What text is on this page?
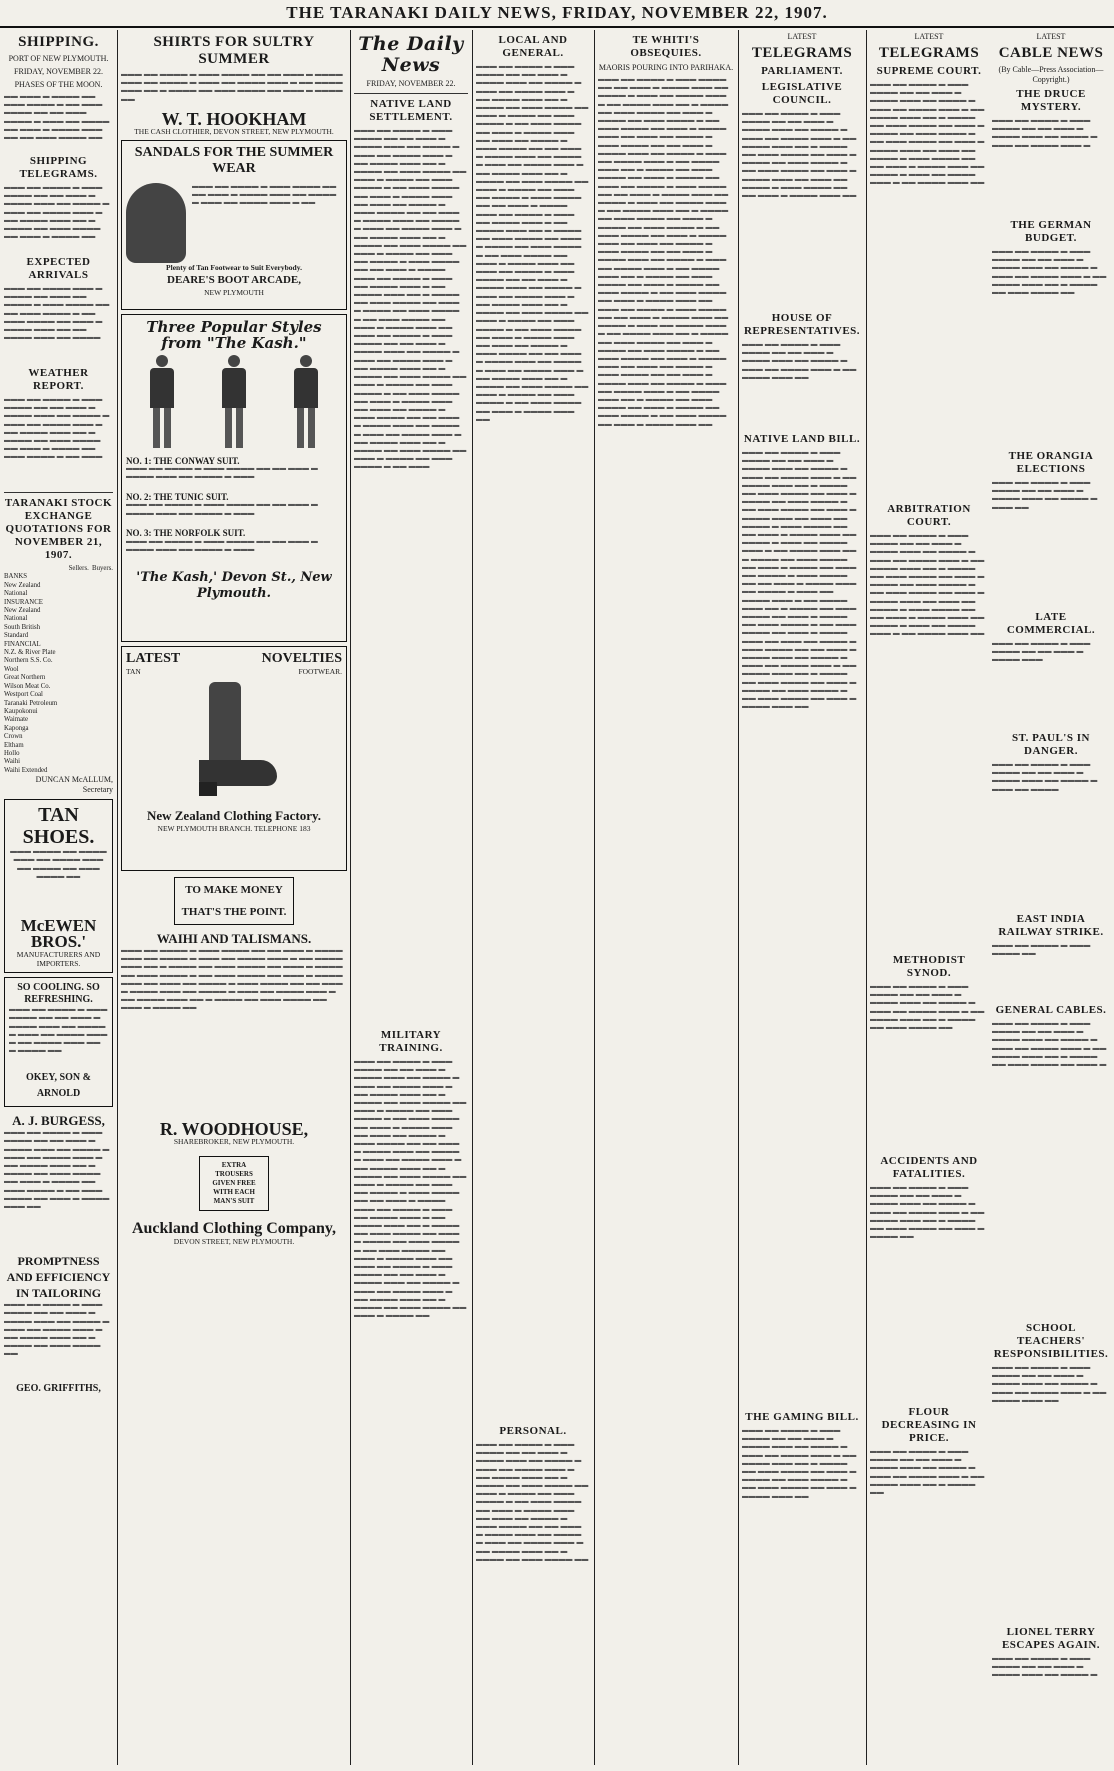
THE TARANAKI DAILY NEWS, FRIDAY, NOVEMBER 22, 1907.
SHIPPING.
PORT OF NEW PLYMOUTH.
FRIDAY, NOVEMBER 22.
PHASES OF THE MOON.
▬▬ ▬▬▬ ▬ ▬▬▬▬ ▬▬ ▬▬▬ ▬▬▬▬ ▬ ▬▬ ▬▬▬ ▬▬▬▬ ▬▬ ▬▬ ▬▬▬ ▬▬▬▬ ▬ ▬▬▬ ▬▬ ▬▬▬▬ ▬▬ ▬▬▬ ▬ ▬▬▬▬ ▬▬▬ ▬▬ ▬▬ ▬▬▬ ▬▬▬▬ ▬▬
SHIPPING TELEGRAMS.
▬▬▬ ▬▬ ▬▬▬▬ ▬ ▬▬▬ ▬▬▬▬ ▬▬ ▬▬ ▬▬▬ ▬ ▬▬▬▬ ▬▬▬ ▬▬ ▬▬▬▬ ▬ ▬▬▬ ▬▬ ▬▬▬▬ ▬▬▬ ▬ ▬▬ ▬▬▬▬ ▬▬▬ ▬▬ ▬ ▬▬▬▬ ▬▬ ▬▬▬ ▬▬▬▬ ▬▬ ▬▬▬ ▬ ▬▬▬▬ ▬▬
EXPECTED ARRIVALS
▬▬▬ ▬▬ ▬▬▬▬ ▬▬▬ ▬ ▬▬▬▬ ▬▬ ▬▬▬ ▬▬ ▬▬▬▬ ▬ ▬▬▬ ▬▬▬▬ ▬▬ ▬▬ ▬▬▬ ▬▬▬▬ ▬ ▬▬ ▬▬▬ ▬▬▬▬ ▬▬ ▬▬▬ ▬ ▬▬▬▬ ▬▬▬ ▬▬ ▬▬ ▬▬▬▬ ▬▬▬ ▬▬ ▬▬▬▬
WEATHER REPORT.
▬▬▬ ▬▬ ▬▬▬▬ ▬ ▬▬▬ ▬▬▬▬ ▬▬ ▬▬ ▬▬▬ ▬ ▬▬▬▬ ▬▬▬ ▬▬ ▬▬▬▬ ▬ ▬▬▬ ▬▬ ▬▬▬▬ ▬▬▬ ▬ ▬▬ ▬▬▬▬ ▬▬▬ ▬▬ ▬ ▬▬▬▬ ▬▬ ▬▬▬ ▬▬▬▬ ▬▬ ▬▬▬ ▬ ▬▬▬▬ ▬▬ ▬▬▬ ▬▬▬▬ ▬ ▬▬ ▬▬▬
TARANAKI STOCK EXCHANGE QUOTATIONS FOR NOVEMBER 21, 1907.
	Sellers.	Buyers.
BANKS		
New Zealand		
National		
INSURANCE		
New Zealand		
National		
South British		
Standard		
FINANCIAL		
N.Z. & River Plate		
Northern S.S. Co.		
Wool		
Great Northern		
Wilson Meat Co.		
Westport Coal		
Taranaki Petroleum		
Kaupokonui		
Waimate		
Kaponga		
Crown		
Eltham		
Hollo		
Waihi		
Waihi Extended		
DUNCAN McALLUM, Secretary
TAN SHOES.
▬▬▬ ▬▬▬▬ ▬▬ ▬▬▬▬ ▬▬▬ ▬▬ ▬▬▬▬ ▬▬▬ ▬▬ ▬▬▬▬ ▬▬ ▬▬▬ ▬▬▬▬ ▬▬
McEWEN BROS.'
MANUFACTURERS AND IMPORTERS.
SO COOLING. SO REFRESHING.
▬▬▬ ▬▬ ▬▬▬▬ ▬ ▬▬▬ ▬▬▬▬ ▬▬ ▬▬ ▬▬▬ ▬ ▬▬▬▬ ▬▬▬ ▬▬ ▬▬▬▬ ▬ ▬▬▬ ▬▬ ▬▬▬▬ ▬▬▬ ▬ ▬▬ ▬▬▬▬ ▬▬▬ ▬▬ ▬ ▬▬▬▬ ▬▬
OKEY, SON & ARNOLD
A. J. BURGESS,
▬▬▬ ▬▬ ▬▬▬▬ ▬ ▬▬▬ ▬▬▬▬ ▬▬ ▬▬ ▬▬▬ ▬ ▬▬▬▬ ▬▬▬ ▬▬ ▬▬▬▬ ▬ ▬▬▬ ▬▬ ▬▬▬▬ ▬▬▬ ▬ ▬▬ ▬▬▬▬ ▬▬▬ ▬▬ ▬ ▬▬▬▬ ▬▬ ▬▬▬ ▬▬▬▬ ▬▬ ▬▬▬ ▬ ▬▬▬▬ ▬▬ ▬▬▬ ▬▬▬▬ ▬ ▬▬ ▬▬▬ ▬▬▬▬ ▬▬ ▬▬▬ ▬ ▬▬▬▬ ▬▬▬ ▬▬
PROMPTNESS AND EFFICIENCY IN TAILORING
▬▬▬ ▬▬ ▬▬▬▬ ▬ ▬▬▬ ▬▬▬▬ ▬▬ ▬▬ ▬▬▬ ▬ ▬▬▬▬ ▬▬▬ ▬▬ ▬▬▬▬ ▬ ▬▬▬ ▬▬ ▬▬▬▬ ▬▬▬ ▬ ▬▬ ▬▬▬▬ ▬▬▬ ▬▬ ▬ ▬▬▬▬ ▬▬ ▬▬▬ ▬▬▬▬ ▬▬
GEO. GRIFFITHS,
SHIRTS FOR SULTRY SUMMER
▬▬▬ ▬▬ ▬▬▬▬ ▬ ▬▬▬ ▬▬▬▬ ▬▬ ▬▬ ▬▬▬ ▬ ▬▬▬▬ ▬▬▬ ▬▬ ▬▬▬▬ ▬ ▬▬▬ ▬▬ ▬▬▬▬ ▬▬▬ ▬ ▬▬ ▬▬▬▬ ▬▬▬ ▬▬ ▬ ▬▬▬▬ ▬▬ ▬▬▬ ▬▬▬▬ ▬▬ ▬▬▬ ▬ ▬▬▬▬ ▬▬
W. T. HOOKHAM
THE CASH CLOTHIER, DEVON STREET, NEW PLYMOUTH.
SANDALS FOR THE SUMMER WEAR
▬▬▬ ▬▬ ▬▬▬▬ ▬ ▬▬▬ ▬▬▬▬ ▬▬ ▬▬ ▬▬▬ ▬ ▬▬▬▬ ▬▬▬ ▬▬ ▬▬▬▬ ▬ ▬▬▬ ▬▬ ▬▬▬▬ ▬▬▬ ▬ ▬▬
Plenty of Tan Footwear to Suit Everybody.
DEARE'S BOOT ARCADE,
NEW PLYMOUTH
Three Popular Styles from "The Kash."
NO. 1: THE CONWAY SUIT.
▬▬▬ ▬▬ ▬▬▬▬ ▬ ▬▬▬ ▬▬▬▬ ▬▬ ▬▬ ▬▬▬ ▬ ▬▬▬▬ ▬▬▬ ▬▬ ▬▬▬▬ ▬ ▬▬▬
NO. 2: THE TUNIC SUIT.
▬▬▬ ▬▬ ▬▬▬▬ ▬ ▬▬▬ ▬▬▬▬ ▬▬ ▬▬ ▬▬▬ ▬ ▬▬▬▬ ▬▬▬ ▬▬ ▬▬▬▬ ▬ ▬▬▬
NO. 3: THE NORFOLK SUIT.
▬▬▬ ▬▬ ▬▬▬▬ ▬ ▬▬▬ ▬▬▬▬ ▬▬ ▬▬ ▬▬▬ ▬ ▬▬▬▬ ▬▬▬ ▬▬ ▬▬▬▬ ▬ ▬▬▬
'The Kash,' Devon St., New Plymouth.
LATEST	NOVELTIES
TAN	FOOTWEAR.
New Zealand Clothing Factory.
NEW PLYMOUTH BRANCH. TELEPHONE 183
TO MAKE MONEY
THAT'S THE POINT.
WAIHI AND TALISMANS.
▬▬▬ ▬▬ ▬▬▬▬ ▬ ▬▬▬ ▬▬▬▬ ▬▬ ▬▬ ▬▬▬ ▬ ▬▬▬▬ ▬▬▬ ▬▬ ▬▬▬▬ ▬ ▬▬▬ ▬▬ ▬▬▬▬ ▬▬▬ ▬ ▬▬ ▬▬▬▬ ▬▬▬ ▬▬ ▬ ▬▬▬▬ ▬▬ ▬▬▬ ▬▬▬▬ ▬▬ ▬▬▬ ▬ ▬▬▬▬ ▬▬ ▬▬▬ ▬▬▬▬ ▬ ▬▬ ▬▬▬ ▬▬▬▬ ▬▬ ▬▬▬ ▬ ▬▬▬▬ ▬▬▬ ▬▬ ▬▬▬ ▬▬ ▬▬▬▬ ▬ ▬▬▬ ▬▬▬▬ ▬▬ ▬▬ ▬▬▬ ▬ ▬▬▬▬ ▬▬▬ ▬▬ ▬▬▬▬ ▬ ▬▬▬ ▬▬ ▬▬▬▬ ▬▬▬ ▬ ▬▬ ▬▬▬▬ ▬▬▬ ▬▬ ▬ ▬▬▬▬ ▬▬ ▬▬▬ ▬▬▬▬ ▬▬ ▬▬▬ ▬ ▬▬▬▬ ▬▬
R. WOODHOUSE,
SHAREBROKER, NEW PLYMOUTH.
EXTRA TROUSERS GIVEN FREE WITH EACH MAN'S SUIT
Auckland Clothing Company,
DEVON STREET, NEW PLYMOUTH.
The Daily News
FRIDAY, NOVEMBER 22.
NATIVE LAND SETTLEMENT.
▬▬▬ ▬▬ ▬▬▬▬ ▬ ▬▬▬ ▬▬▬▬ ▬▬ ▬▬ ▬▬▬ ▬ ▬▬▬▬ ▬▬▬ ▬▬ ▬▬▬▬ ▬ ▬▬▬ ▬▬ ▬▬▬▬ ▬▬▬ ▬ ▬▬ ▬▬▬▬ ▬▬▬ ▬▬ ▬ ▬▬▬▬ ▬▬ ▬▬▬ ▬▬▬▬ ▬▬ ▬▬▬ ▬ ▬▬▬▬ ▬▬ ▬▬▬ ▬▬▬▬ ▬ ▬▬ ▬▬▬ ▬▬▬▬ ▬▬ ▬▬▬ ▬ ▬▬▬▬ ▬▬▬ ▬▬ ▬▬▬ ▬▬ ▬▬▬▬ ▬ ▬▬▬ ▬▬▬▬ ▬▬ ▬▬ ▬▬▬ ▬ ▬▬▬▬ ▬▬▬ ▬▬ ▬▬▬▬ ▬ ▬▬▬ ▬▬ ▬▬▬▬ ▬▬▬ ▬ ▬▬ ▬▬▬▬ ▬▬▬ ▬▬ ▬ ▬▬▬▬ ▬▬ ▬▬▬ ▬▬▬▬ ▬▬ ▬▬▬ ▬ ▬▬▬▬ ▬▬ ▬▬▬ ▬▬ ▬▬▬▬ ▬ ▬▬▬ ▬▬▬▬ ▬▬ ▬▬ ▬▬▬ ▬ ▬▬▬▬ ▬▬▬ ▬▬ ▬▬▬▬ ▬ ▬▬▬ ▬▬ ▬▬▬▬ ▬▬▬ ▬ ▬▬ ▬▬▬▬ ▬▬▬ ▬▬ ▬ ▬▬▬▬ ▬▬ ▬▬▬ ▬▬▬▬ ▬▬ ▬▬▬ ▬ ▬▬▬▬ ▬▬ ▬▬▬ ▬▬▬▬ ▬ ▬▬ ▬▬▬ ▬▬▬▬ ▬▬ ▬▬▬ ▬ ▬▬▬▬ ▬▬▬ ▬▬ ▬▬▬ ▬▬ ▬▬▬▬ ▬ ▬▬▬ ▬▬▬▬ ▬▬ ▬▬ ▬▬▬ ▬ ▬▬▬▬ ▬▬▬ ▬▬ ▬▬▬▬ ▬ ▬▬▬ ▬▬ ▬▬▬▬ ▬▬▬ ▬ ▬▬ ▬▬▬▬ ▬▬▬ ▬▬ ▬ ▬▬▬▬ ▬▬ ▬▬▬ ▬▬▬▬ ▬▬ ▬▬▬ ▬ ▬▬▬▬ ▬▬ ▬▬▬ ▬▬▬▬ ▬ ▬▬ ▬▬▬ ▬▬▬▬ ▬▬ ▬▬▬ ▬ ▬▬▬▬ ▬▬▬ ▬▬ ▬▬▬ ▬▬ ▬▬▬▬ ▬ ▬▬▬ ▬▬▬▬ ▬▬ ▬▬ ▬▬▬ ▬ ▬▬▬▬ ▬▬▬ ▬▬ ▬▬▬▬ ▬ ▬▬▬ ▬▬ ▬▬▬▬ ▬▬▬ ▬ ▬▬ ▬▬▬▬ ▬▬▬ ▬▬ ▬ ▬▬▬▬ ▬▬ ▬▬▬ ▬▬▬▬ ▬▬ ▬▬▬ ▬ ▬▬▬▬ ▬▬ ▬▬▬ ▬▬▬▬ ▬ ▬▬ ▬▬▬
MILITARY TRAINING.
▬▬▬ ▬▬ ▬▬▬▬ ▬ ▬▬▬ ▬▬▬▬ ▬▬ ▬▬ ▬▬▬ ▬ ▬▬▬▬ ▬▬▬ ▬▬ ▬▬▬▬ ▬ ▬▬▬ ▬▬ ▬▬▬▬ ▬▬▬ ▬ ▬▬ ▬▬▬▬ ▬▬▬ ▬▬ ▬ ▬▬▬▬ ▬▬ ▬▬▬ ▬▬▬▬ ▬▬ ▬▬▬ ▬ ▬▬▬▬ ▬▬ ▬▬▬ ▬▬▬▬ ▬ ▬▬ ▬▬▬ ▬▬▬▬ ▬▬ ▬▬▬ ▬ ▬▬▬▬ ▬▬▬ ▬▬ ▬▬▬ ▬▬ ▬▬▬▬ ▬ ▬▬▬ ▬▬▬▬ ▬▬ ▬▬ ▬▬▬ ▬ ▬▬▬▬ ▬▬▬ ▬▬ ▬▬▬▬ ▬ ▬▬▬ ▬▬ ▬▬▬▬ ▬▬▬ ▬ ▬▬ ▬▬▬▬ ▬▬▬ ▬▬ ▬ ▬▬▬▬ ▬▬ ▬▬▬ ▬▬▬▬ ▬▬ ▬▬▬ ▬ ▬▬▬▬ ▬▬ ▬▬▬ ▬▬ ▬▬▬▬ ▬ ▬▬▬ ▬▬▬▬ ▬▬ ▬▬ ▬▬▬ ▬ ▬▬▬▬ ▬▬▬ ▬▬ ▬▬▬▬ ▬ ▬▬▬ ▬▬ ▬▬▬▬ ▬▬▬ ▬ ▬▬ ▬▬▬▬ ▬▬▬ ▬▬ ▬ ▬▬▬▬ ▬▬ ▬▬▬ ▬▬▬▬ ▬▬ ▬▬▬ ▬ ▬▬▬▬ ▬▬ ▬▬▬ ▬▬▬▬ ▬ ▬▬ ▬▬▬ ▬▬▬▬ ▬▬ ▬▬▬ ▬ ▬▬▬▬ ▬▬▬ ▬▬ ▬▬▬ ▬▬ ▬▬▬▬ ▬ ▬▬▬ ▬▬▬▬ ▬▬ ▬▬ ▬▬▬ ▬ ▬▬▬▬ ▬▬▬ ▬▬ ▬▬▬▬ ▬ ▬▬▬ ▬▬ ▬▬▬▬ ▬▬▬ ▬ ▬▬ ▬▬▬▬ ▬▬▬ ▬▬ ▬ ▬▬▬▬ ▬▬ ▬▬▬ ▬▬▬▬ ▬▬ ▬▬▬ ▬ ▬▬▬▬ ▬▬
LOCAL AND GENERAL.
▬▬▬ ▬▬ ▬▬▬▬ ▬ ▬▬▬ ▬▬▬▬ ▬▬ ▬▬ ▬▬▬ ▬ ▬▬▬▬ ▬▬▬ ▬▬ ▬▬▬▬ ▬ ▬▬▬ ▬▬ ▬▬▬▬ ▬▬▬ ▬ ▬▬ ▬▬▬▬ ▬▬▬ ▬▬ ▬ ▬▬▬▬ ▬▬ ▬▬▬ ▬▬▬▬ ▬▬ ▬▬▬ ▬ ▬▬▬▬ ▬▬ ▬▬▬ ▬▬▬▬ ▬ ▬▬ ▬▬▬ ▬▬▬▬ ▬▬ ▬▬▬ ▬ ▬▬▬▬ ▬▬▬ ▬▬ ▬▬▬ ▬▬ ▬▬▬▬ ▬ ▬▬▬ ▬▬▬▬ ▬▬ ▬▬ ▬▬▬ ▬ ▬▬▬▬ ▬▬▬ ▬▬ ▬▬▬▬ ▬ ▬▬▬ ▬▬ ▬▬▬▬ ▬▬▬ ▬ ▬▬ ▬▬▬▬ ▬▬▬ ▬▬ ▬ ▬▬▬▬ ▬▬ ▬▬▬ ▬▬▬▬ ▬▬ ▬▬▬ ▬ ▬▬▬▬ ▬▬ ▬▬▬ ▬▬ ▬▬▬▬ ▬ ▬▬▬ ▬▬▬▬ ▬▬ ▬▬ ▬▬▬ ▬ ▬▬▬▬ ▬▬▬ ▬▬ ▬▬▬▬ ▬ ▬▬▬ ▬▬ ▬▬▬▬ ▬▬▬ ▬ ▬▬ ▬▬▬▬ ▬▬▬ ▬▬ ▬ ▬▬▬▬ ▬▬ ▬▬▬ ▬▬▬▬ ▬▬ ▬▬▬ ▬ ▬▬▬▬ ▬▬ ▬▬▬ ▬▬▬▬ ▬ ▬▬ ▬▬▬ ▬▬▬▬ ▬▬ ▬▬▬ ▬ ▬▬▬▬ ▬▬▬ ▬▬ ▬▬▬ ▬▬ ▬▬▬▬ ▬ ▬▬▬ ▬▬▬▬ ▬▬ ▬▬ ▬▬▬ ▬ ▬▬▬▬ ▬▬▬ ▬▬ ▬▬▬▬ ▬ ▬▬▬ ▬▬ ▬▬▬▬ ▬▬▬ ▬ ▬▬ ▬▬▬▬ ▬▬▬ ▬▬ ▬ ▬▬▬▬ ▬▬ ▬▬▬ ▬▬▬▬ ▬▬ ▬▬▬ ▬ ▬▬▬▬ ▬▬ ▬▬▬ ▬▬▬▬ ▬ ▬▬ ▬▬▬ ▬▬▬▬ ▬▬ ▬▬▬ ▬ ▬▬▬▬ ▬▬▬ ▬▬ ▬▬▬ ▬▬ ▬▬▬▬ ▬ ▬▬▬ ▬▬▬▬ ▬▬ ▬▬ ▬▬▬ ▬ ▬▬▬▬ ▬▬▬ ▬▬ ▬▬▬▬ ▬ ▬▬▬ ▬▬ ▬▬▬▬ ▬▬▬ ▬ ▬▬ ▬▬▬▬ ▬▬▬ ▬▬ ▬ ▬▬▬▬ ▬▬ ▬▬▬ ▬▬▬▬ ▬▬ ▬▬▬ ▬ ▬▬▬▬ ▬▬ ▬▬▬ ▬▬▬▬ ▬ ▬▬ ▬▬▬ ▬▬▬▬ ▬▬ ▬▬▬ ▬ ▬▬▬▬ ▬▬▬ ▬▬
PERSONAL.
▬▬▬ ▬▬ ▬▬▬▬ ▬ ▬▬▬ ▬▬▬▬ ▬▬ ▬▬ ▬▬▬ ▬ ▬▬▬▬ ▬▬▬ ▬▬ ▬▬▬▬ ▬ ▬▬▬ ▬▬ ▬▬▬▬ ▬▬▬ ▬ ▬▬ ▬▬▬▬ ▬▬▬ ▬▬ ▬ ▬▬▬▬ ▬▬ ▬▬▬ ▬▬▬▬ ▬▬ ▬▬▬ ▬ ▬▬▬▬ ▬▬ ▬▬▬ ▬▬▬▬ ▬ ▬▬ ▬▬▬ ▬▬▬▬ ▬▬ ▬▬▬ ▬ ▬▬▬▬ ▬▬▬ ▬▬ ▬▬▬ ▬▬ ▬▬▬▬ ▬ ▬▬▬ ▬▬▬▬ ▬▬ ▬▬ ▬▬▬ ▬ ▬▬▬▬ ▬▬▬ ▬▬ ▬▬▬▬ ▬ ▬▬▬ ▬▬ ▬▬▬▬ ▬▬▬ ▬ ▬▬ ▬▬▬▬ ▬▬▬ ▬▬ ▬ ▬▬▬▬ ▬▬ ▬▬▬ ▬▬▬▬ ▬▬
TE WHITI'S OBSEQUIES.
MAORIS POURING INTO PARIHAKA.
▬▬▬ ▬▬ ▬▬▬▬ ▬ ▬▬▬ ▬▬▬▬ ▬▬ ▬▬ ▬▬▬ ▬ ▬▬▬▬ ▬▬▬ ▬▬ ▬▬▬▬ ▬ ▬▬▬ ▬▬ ▬▬▬▬ ▬▬▬ ▬ ▬▬ ▬▬▬▬ ▬▬▬ ▬▬ ▬ ▬▬▬▬ ▬▬ ▬▬▬ ▬▬▬▬ ▬▬ ▬▬▬ ▬ ▬▬▬▬ ▬▬ ▬▬▬ ▬▬▬▬ ▬ ▬▬ ▬▬▬ ▬▬▬▬ ▬▬ ▬▬▬ ▬ ▬▬▬▬ ▬▬▬ ▬▬ ▬▬▬ ▬▬ ▬▬▬▬ ▬ ▬▬▬ ▬▬▬▬ ▬▬ ▬▬ ▬▬▬ ▬ ▬▬▬▬ ▬▬▬ ▬▬ ▬▬▬▬ ▬ ▬▬▬ ▬▬ ▬▬▬▬ ▬▬▬ ▬ ▬▬ ▬▬▬▬ ▬▬▬ ▬▬ ▬ ▬▬▬▬ ▬▬ ▬▬▬ ▬▬▬▬ ▬▬ ▬▬▬ ▬ ▬▬▬▬ ▬▬ ▬▬▬ ▬▬ ▬▬▬▬ ▬ ▬▬▬ ▬▬▬▬ ▬▬ ▬▬ ▬▬▬ ▬ ▬▬▬▬ ▬▬▬ ▬▬ ▬▬▬▬ ▬ ▬▬▬ ▬▬ ▬▬▬▬ ▬▬▬ ▬ ▬▬ ▬▬▬▬ ▬▬▬ ▬▬ ▬ ▬▬▬▬ ▬▬ ▬▬▬ ▬▬▬▬ ▬▬ ▬▬▬ ▬ ▬▬▬▬ ▬▬ ▬▬▬ ▬▬▬▬ ▬ ▬▬ ▬▬▬ ▬▬▬▬ ▬▬ ▬▬▬ ▬ ▬▬▬▬ ▬▬▬ ▬▬ ▬▬▬ ▬▬ ▬▬▬▬ ▬ ▬▬▬ ▬▬▬▬ ▬▬ ▬▬ ▬▬▬ ▬ ▬▬▬▬ ▬▬▬ ▬▬ ▬▬▬▬ ▬ ▬▬▬ ▬▬ ▬▬▬▬ ▬▬▬ ▬ ▬▬ ▬▬▬▬ ▬▬▬ ▬▬ ▬ ▬▬▬▬ ▬▬ ▬▬▬ ▬▬▬▬ ▬▬ ▬▬▬ ▬ ▬▬▬▬ ▬▬ ▬▬▬ ▬▬▬▬ ▬ ▬▬ ▬▬▬ ▬▬▬▬ ▬▬ ▬▬▬ ▬ ▬▬▬▬ ▬▬▬ ▬▬ ▬▬▬ ▬▬ ▬▬▬▬ ▬ ▬▬▬ ▬▬▬▬ ▬▬ ▬▬ ▬▬▬ ▬ ▬▬▬▬ ▬▬▬ ▬▬ ▬▬▬▬ ▬ ▬▬▬ ▬▬ ▬▬▬▬ ▬▬▬ ▬ ▬▬ ▬▬▬▬ ▬▬▬ ▬▬ ▬ ▬▬▬▬ ▬▬ ▬▬▬ ▬▬▬▬ ▬▬ ▬▬▬ ▬ ▬▬▬▬ ▬▬ ▬▬▬ ▬▬▬▬ ▬ ▬▬ ▬▬▬ ▬▬▬▬ ▬▬ ▬▬▬ ▬ ▬▬▬▬ ▬▬▬ ▬▬ ▬▬▬ ▬▬ ▬▬▬▬ ▬ ▬▬▬ ▬▬▬▬ ▬▬ ▬▬ ▬▬▬ ▬ ▬▬▬▬ ▬▬▬ ▬▬ ▬▬▬▬ ▬ ▬▬▬ ▬▬ ▬▬▬▬ ▬▬▬ ▬ ▬▬ ▬▬▬▬ ▬▬▬ ▬▬ ▬ ▬▬▬▬ ▬▬ ▬▬▬ ▬▬▬▬ ▬▬ ▬▬▬ ▬ ▬▬▬▬ ▬▬ ▬▬▬ ▬▬▬▬ ▬ ▬▬ ▬▬▬ ▬▬▬▬ ▬▬ ▬▬▬ ▬ ▬▬▬▬ ▬▬▬ ▬▬
LATEST
TELEGRAMS
PARLIAMENT.
LEGISLATIVE COUNCIL.
▬▬▬ ▬▬ ▬▬▬▬ ▬ ▬▬▬ ▬▬▬▬ ▬▬ ▬▬ ▬▬▬ ▬ ▬▬▬▬ ▬▬▬ ▬▬ ▬▬▬▬ ▬ ▬▬▬ ▬▬ ▬▬▬▬ ▬▬▬ ▬ ▬▬ ▬▬▬▬ ▬▬▬ ▬▬ ▬ ▬▬▬▬ ▬▬ ▬▬▬ ▬▬▬▬ ▬▬ ▬▬▬ ▬ ▬▬▬▬ ▬▬ ▬▬▬ ▬▬▬▬ ▬ ▬▬ ▬▬▬ ▬▬▬▬ ▬▬ ▬▬▬ ▬ ▬▬▬▬ ▬▬▬ ▬▬ ▬▬▬ ▬▬ ▬▬▬▬ ▬ ▬▬▬ ▬▬▬▬ ▬▬ ▬▬ ▬▬▬ ▬ ▬▬▬▬ ▬▬▬ ▬▬
HOUSE OF REPRESENTATIVES.
▬▬▬ ▬▬ ▬▬▬▬ ▬ ▬▬▬ ▬▬▬▬ ▬▬ ▬▬ ▬▬▬ ▬ ▬▬▬▬ ▬▬▬ ▬▬ ▬▬▬▬ ▬ ▬▬▬ ▬▬ ▬▬▬▬ ▬▬▬ ▬ ▬▬ ▬▬▬▬ ▬▬▬ ▬▬
NATIVE LAND BILL.
▬▬▬ ▬▬ ▬▬▬▬ ▬ ▬▬▬ ▬▬▬▬ ▬▬ ▬▬ ▬▬▬ ▬ ▬▬▬▬ ▬▬▬ ▬▬ ▬▬▬▬ ▬ ▬▬▬ ▬▬ ▬▬▬▬ ▬▬▬ ▬ ▬▬ ▬▬▬▬ ▬▬▬ ▬▬ ▬ ▬▬▬▬ ▬▬ ▬▬▬ ▬▬▬▬ ▬▬ ▬▬▬ ▬ ▬▬▬▬ ▬▬ ▬▬▬ ▬▬▬▬ ▬ ▬▬ ▬▬▬ ▬▬▬▬ ▬▬ ▬▬▬ ▬ ▬▬▬▬ ▬▬▬ ▬▬ ▬▬▬ ▬▬ ▬▬▬▬ ▬ ▬▬▬ ▬▬▬▬ ▬▬ ▬▬ ▬▬▬ ▬ ▬▬▬▬ ▬▬▬ ▬▬ ▬▬▬▬ ▬ ▬▬▬ ▬▬ ▬▬▬▬ ▬▬▬ ▬ ▬▬ ▬▬▬▬ ▬▬▬ ▬▬ ▬ ▬▬▬▬ ▬▬ ▬▬▬ ▬▬▬▬ ▬▬ ▬▬▬ ▬ ▬▬▬▬ ▬▬ ▬▬▬ ▬▬ ▬▬▬▬ ▬ ▬▬▬ ▬▬▬▬ ▬▬ ▬▬ ▬▬▬ ▬ ▬▬▬▬ ▬▬▬ ▬▬ ▬▬▬▬ ▬ ▬▬▬ ▬▬ ▬▬▬▬ ▬▬▬ ▬ ▬▬ ▬▬▬▬ ▬▬▬ ▬▬ ▬ ▬▬▬▬ ▬▬ ▬▬▬ ▬▬▬▬ ▬▬ ▬▬▬ ▬ ▬▬▬▬ ▬▬ ▬▬▬ ▬▬▬▬ ▬ ▬▬ ▬▬▬ ▬▬▬▬ ▬▬ ▬▬▬ ▬ ▬▬▬▬ ▬▬▬ ▬▬ ▬▬▬ ▬▬ ▬▬▬▬ ▬ ▬▬▬ ▬▬▬▬ ▬▬ ▬▬ ▬▬▬ ▬ ▬▬▬▬ ▬▬▬ ▬▬ ▬▬▬▬ ▬ ▬▬▬ ▬▬ ▬▬▬▬ ▬▬▬ ▬ ▬▬ ▬▬▬▬ ▬▬▬ ▬▬ ▬ ▬▬▬▬ ▬▬ ▬▬▬ ▬▬▬▬ ▬▬ ▬▬▬ ▬ ▬▬▬▬ ▬▬ ▬▬▬ ▬▬▬▬ ▬ ▬▬ ▬▬▬ ▬▬▬▬ ▬▬ ▬▬▬ ▬ ▬▬▬▬ ▬▬▬ ▬▬
THE GAMING BILL.
▬▬▬ ▬▬ ▬▬▬▬ ▬ ▬▬▬ ▬▬▬▬ ▬▬ ▬▬ ▬▬▬ ▬ ▬▬▬▬ ▬▬▬ ▬▬ ▬▬▬▬ ▬ ▬▬▬ ▬▬ ▬▬▬▬ ▬▬▬ ▬ ▬▬ ▬▬▬▬ ▬▬▬ ▬▬ ▬ ▬▬▬▬ ▬▬ ▬▬▬ ▬▬▬▬ ▬▬ ▬▬▬ ▬ ▬▬▬▬ ▬▬ ▬▬▬ ▬▬▬▬ ▬ ▬▬ ▬▬▬ ▬▬▬▬ ▬▬ ▬▬▬ ▬ ▬▬▬▬ ▬▬▬ ▬▬
LATEST
TELEGRAMS
SUPREME COURT.
▬▬▬ ▬▬ ▬▬▬▬ ▬ ▬▬▬ ▬▬▬▬ ▬▬ ▬▬ ▬▬▬ ▬ ▬▬▬▬ ▬▬▬ ▬▬ ▬▬▬▬ ▬ ▬▬▬ ▬▬ ▬▬▬▬ ▬▬▬ ▬ ▬▬ ▬▬▬▬ ▬▬▬ ▬▬ ▬ ▬▬▬▬ ▬▬ ▬▬▬ ▬▬▬▬ ▬▬ ▬▬▬ ▬ ▬▬▬▬ ▬▬ ▬▬▬ ▬▬▬▬ ▬ ▬▬ ▬▬▬ ▬▬▬▬ ▬▬ ▬▬▬ ▬ ▬▬▬▬ ▬▬▬ ▬▬ ▬▬▬ ▬▬ ▬▬▬▬ ▬ ▬▬▬ ▬▬▬▬ ▬▬ ▬▬ ▬▬▬ ▬ ▬▬▬▬ ▬▬▬ ▬▬ ▬▬▬▬ ▬ ▬▬▬ ▬▬ ▬▬▬▬ ▬▬▬ ▬ ▬▬ ▬▬▬▬ ▬▬▬ ▬▬
ARBITRATION COURT.
▬▬▬ ▬▬ ▬▬▬▬ ▬ ▬▬▬ ▬▬▬▬ ▬▬ ▬▬ ▬▬▬ ▬ ▬▬▬▬ ▬▬▬ ▬▬ ▬▬▬▬ ▬ ▬▬▬ ▬▬ ▬▬▬▬ ▬▬▬ ▬ ▬▬ ▬▬▬▬ ▬▬▬ ▬▬ ▬ ▬▬▬▬ ▬▬ ▬▬▬ ▬▬▬▬ ▬▬ ▬▬▬ ▬ ▬▬▬▬ ▬▬ ▬▬▬ ▬▬▬▬ ▬ ▬▬ ▬▬▬ ▬▬▬▬ ▬▬ ▬▬▬ ▬ ▬▬▬▬ ▬▬▬ ▬▬ ▬▬▬ ▬▬ ▬▬▬▬ ▬ ▬▬▬ ▬▬▬▬ ▬▬ ▬▬ ▬▬▬ ▬ ▬▬▬▬ ▬▬▬ ▬▬ ▬▬▬▬ ▬ ▬▬▬ ▬▬ ▬▬▬▬ ▬▬▬ ▬ ▬▬ ▬▬▬▬ ▬▬▬ ▬▬
METHODIST SYNOD.
▬▬▬ ▬▬ ▬▬▬▬ ▬ ▬▬▬ ▬▬▬▬ ▬▬ ▬▬ ▬▬▬ ▬ ▬▬▬▬ ▬▬▬ ▬▬ ▬▬▬▬ ▬ ▬▬▬ ▬▬ ▬▬▬▬ ▬▬▬ ▬ ▬▬ ▬▬▬▬ ▬▬▬ ▬▬ ▬ ▬▬▬▬ ▬▬ ▬▬▬ ▬▬▬▬ ▬▬
ACCIDENTS AND FATALITIES.
▬▬▬ ▬▬ ▬▬▬▬ ▬ ▬▬▬ ▬▬▬▬ ▬▬ ▬▬ ▬▬▬ ▬ ▬▬▬▬ ▬▬▬ ▬▬ ▬▬▬▬ ▬ ▬▬▬ ▬▬ ▬▬▬▬ ▬▬▬ ▬ ▬▬ ▬▬▬▬ ▬▬▬ ▬▬ ▬ ▬▬▬▬ ▬▬ ▬▬▬ ▬▬▬▬ ▬▬ ▬▬▬ ▬ ▬▬▬▬ ▬▬
FLOUR DECREASING IN PRICE.
▬▬▬ ▬▬ ▬▬▬▬ ▬ ▬▬▬ ▬▬▬▬ ▬▬ ▬▬ ▬▬▬ ▬ ▬▬▬▬ ▬▬▬ ▬▬ ▬▬▬▬ ▬ ▬▬▬ ▬▬ ▬▬▬▬ ▬▬▬ ▬ ▬▬ ▬▬▬▬ ▬▬▬ ▬▬ ▬ ▬▬▬▬ ▬▬
LATEST
CABLE NEWS
(By Cable—Press Association—Copyright.)
THE DRUCE MYSTERY.
▬▬▬ ▬▬ ▬▬▬▬ ▬ ▬▬▬ ▬▬▬▬ ▬▬ ▬▬ ▬▬▬ ▬ ▬▬▬▬ ▬▬▬ ▬▬ ▬▬▬▬ ▬ ▬▬▬ ▬▬ ▬▬▬▬ ▬▬▬ ▬
THE GERMAN BUDGET.
▬▬▬ ▬▬ ▬▬▬▬ ▬ ▬▬▬ ▬▬▬▬ ▬▬ ▬▬ ▬▬▬ ▬ ▬▬▬▬ ▬▬▬ ▬▬ ▬▬▬▬ ▬ ▬▬▬ ▬▬ ▬▬▬▬ ▬▬▬ ▬ ▬▬ ▬▬▬▬ ▬▬▬ ▬▬ ▬ ▬▬▬▬ ▬▬ ▬▬▬ ▬▬▬▬ ▬▬
THE ORANGIA ELECTIONS
▬▬▬ ▬▬ ▬▬▬▬ ▬ ▬▬▬ ▬▬▬▬ ▬▬ ▬▬ ▬▬▬ ▬ ▬▬▬▬ ▬▬▬ ▬▬ ▬▬▬▬ ▬ ▬▬▬ ▬▬
LATE COMMERCIAL.
▬▬▬ ▬▬ ▬▬▬▬ ▬ ▬▬▬ ▬▬▬▬ ▬▬ ▬▬ ▬▬▬ ▬ ▬▬▬▬ ▬▬▬
ST. PAUL'S IN DANGER.
▬▬▬ ▬▬ ▬▬▬▬ ▬ ▬▬▬ ▬▬▬▬ ▬▬ ▬▬ ▬▬▬ ▬ ▬▬▬▬ ▬▬▬ ▬▬ ▬▬▬▬ ▬ ▬▬▬ ▬▬ ▬▬▬▬
EAST INDIA RAILWAY STRIKE.
▬▬▬ ▬▬ ▬▬▬▬ ▬ ▬▬▬ ▬▬▬▬ ▬▬
GENERAL CABLES.
▬▬▬ ▬▬ ▬▬▬▬ ▬ ▬▬▬ ▬▬▬▬ ▬▬ ▬▬ ▬▬▬ ▬ ▬▬▬▬ ▬▬▬ ▬▬ ▬▬▬▬ ▬ ▬▬▬ ▬▬ ▬▬▬▬ ▬▬▬ ▬ ▬▬ ▬▬▬▬ ▬▬▬ ▬▬ ▬ ▬▬▬▬ ▬▬ ▬▬▬ ▬▬▬▬ ▬▬ ▬▬▬ ▬
SCHOOL TEACHERS' RESPONSIBILITIES.
▬▬▬ ▬▬ ▬▬▬▬ ▬ ▬▬▬ ▬▬▬▬ ▬▬ ▬▬ ▬▬▬ ▬ ▬▬▬▬ ▬▬▬ ▬▬ ▬▬▬▬ ▬ ▬▬▬ ▬▬ ▬▬▬▬ ▬▬▬ ▬ ▬▬ ▬▬▬▬ ▬▬▬ ▬▬
LIONEL TERRY ESCAPES AGAIN.
▬▬▬ ▬▬ ▬▬▬▬ ▬ ▬▬▬ ▬▬▬▬ ▬▬ ▬▬ ▬▬▬ ▬ ▬▬▬▬ ▬▬▬ ▬▬ ▬▬▬▬ ▬
